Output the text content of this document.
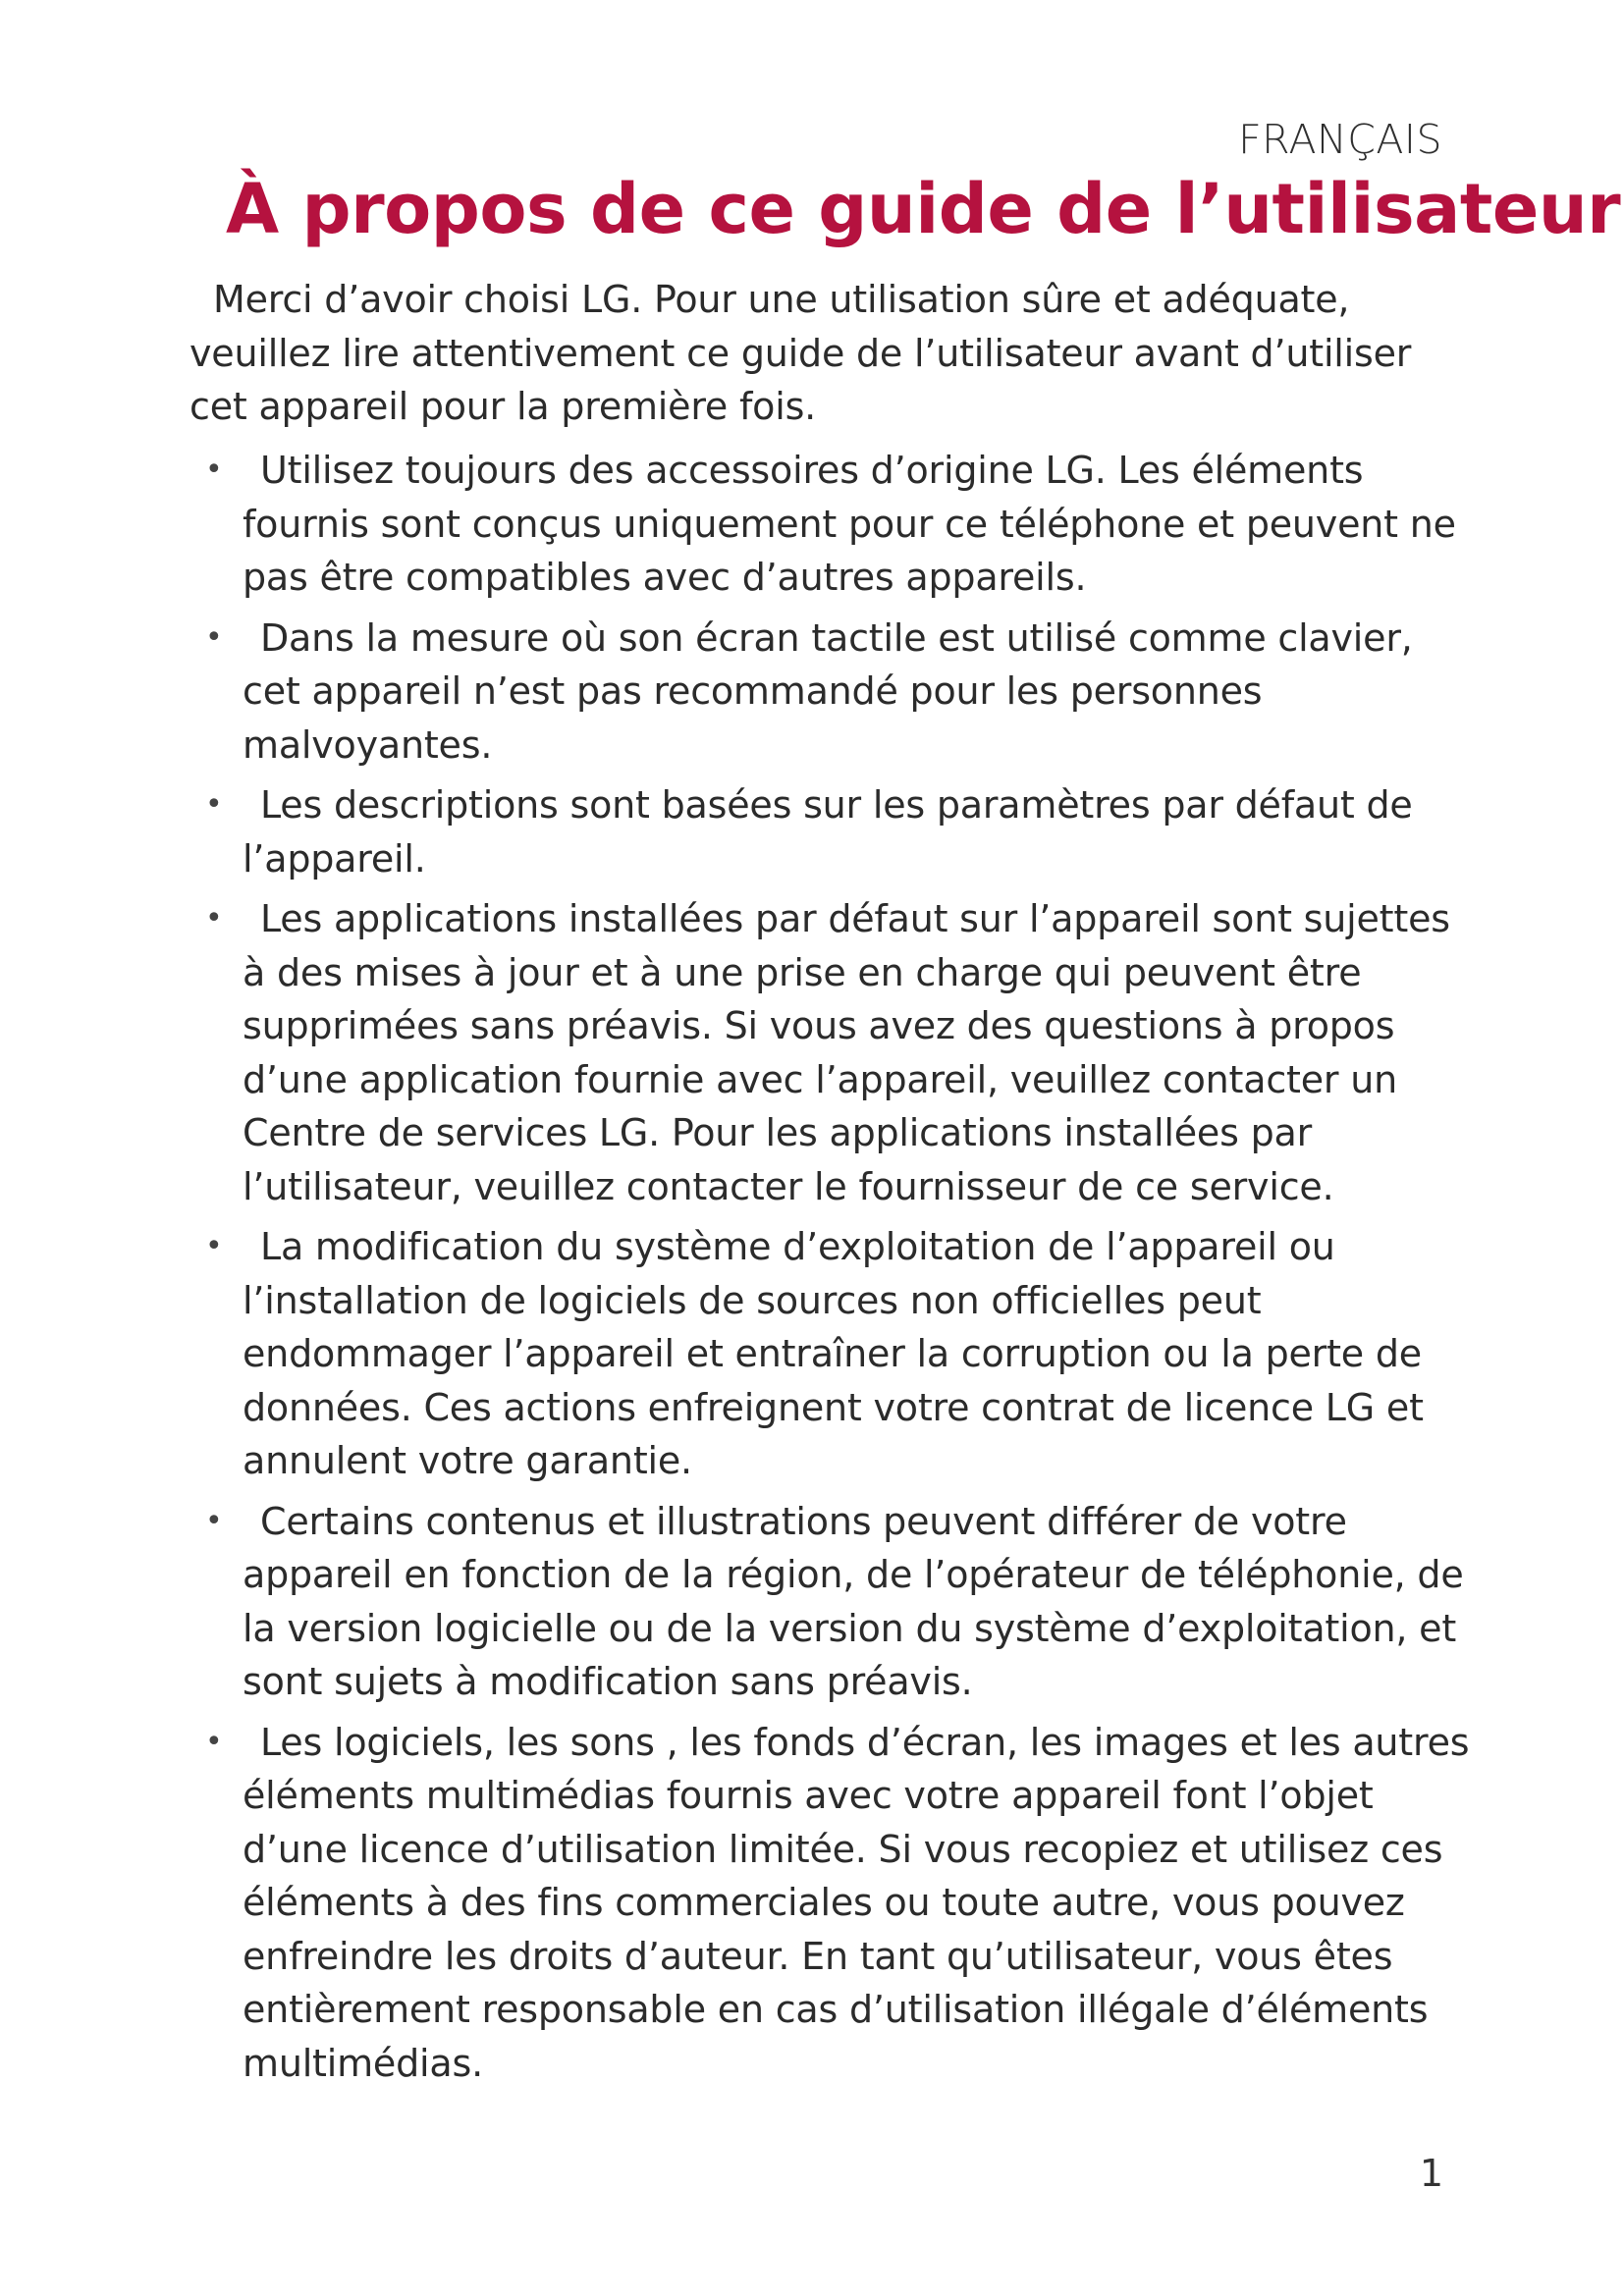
FRANÇAIS
À propos de ce guide de l’utilisateur

Merci d’avoir choisi LG. Pour une utilisation sûre et adéquate, veuillez lire attentivement ce guide de l’utilisateur avant d’utiliser cet appareil pour la première fois.

• Utilisez toujours des accessoires d’origine LG. Les éléments fournis sont conçus uniquement pour ce téléphone et peuvent ne pas être compatibles avec d’autres appareils.
• Dans la mesure où son écran tactile est utilisé comme clavier, cet appareil n’est pas recommandé pour les personnes malvoyantes.
• Les descriptions sont basées sur les paramètres par défaut de l’appareil.
• Les applications installées par défaut sur l’appareil sont sujettes à des mises à jour et à une prise en charge qui peuvent être supprimées sans préavis. Si vous avez des questions à propos d’une application fournie avec l’appareil, veuillez contacter un Centre de services LG. Pour les applications installées par l’utilisateur, veuillez contacter le fournisseur de ce service.
• La modification du système d’exploitation de l’appareil ou l’installation de logiciels de sources non officielles peut endommager l’appareil et entraîner la corruption ou la perte de données. Ces actions enfreignent votre contrat de licence LG et annulent votre garantie.
• Certains contenus et illustrations peuvent différer de votre appareil en fonction de la région, de l’opérateur de téléphonie, de la version logicielle ou de la version du système d’exploitation, et sont sujets à modification sans préavis.
• Les logiciels, les sons , les fonds d’écran, les images et les autres éléments multimédias fournis avec votre appareil font l’objet d’une licence d’utilisation limitée. Si vous recopiez et utilisez ces éléments à des fins commerciales ou toute autre, vous pouvez enfreindre les droits d’auteur. En tant qu’utilisateur, vous êtes entièrement responsable en cas d’utilisation illégale d’éléments multimédias.
1
